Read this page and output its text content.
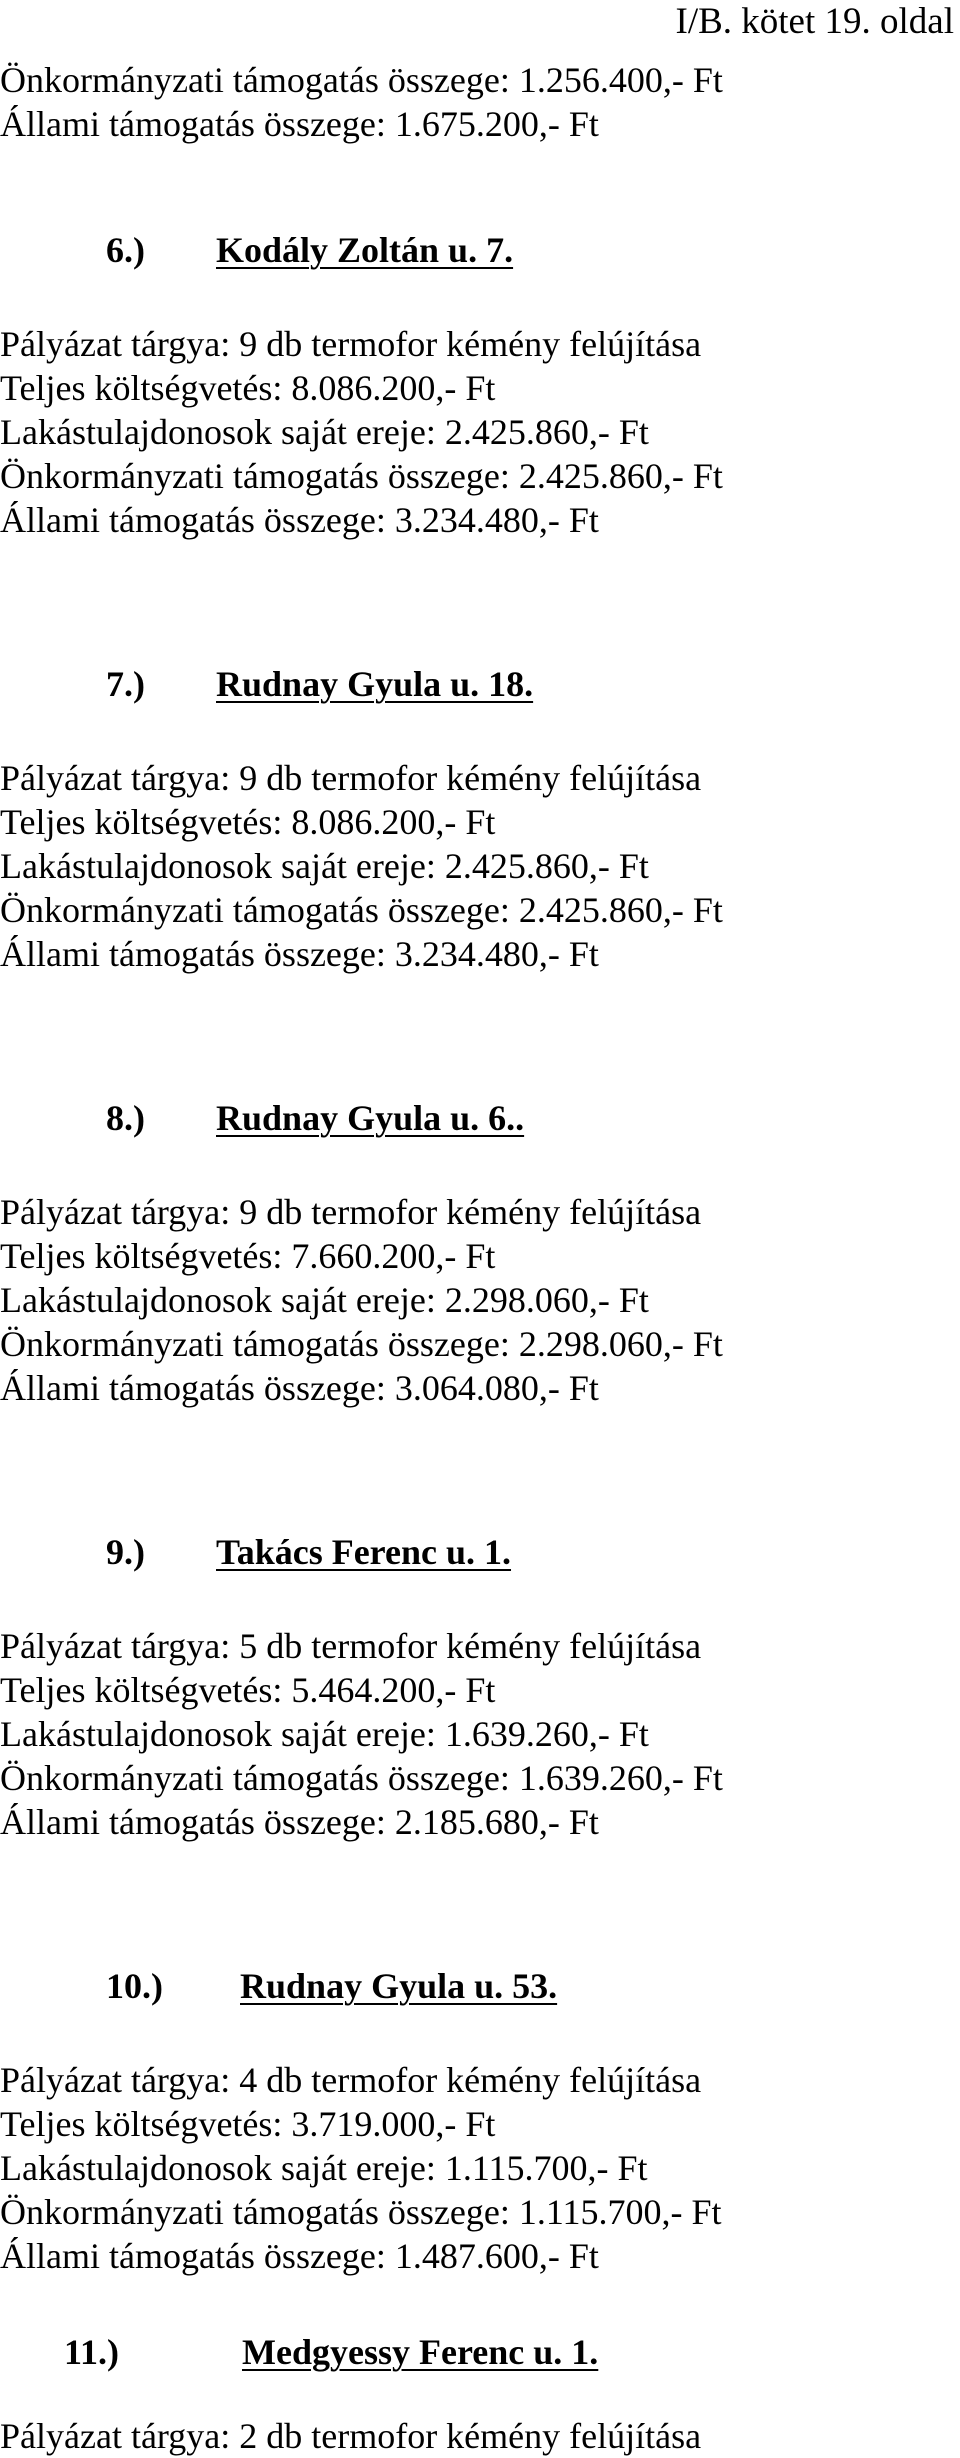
I/B. kötet 19. oldal
Önkormányzati támogatás összege: 1.256.400,- Ft
Állami támogatás összege: 1.675.200,- Ft
6.) Kodály Zoltán u. 7.
Pályázat tárgya: 9 db termofor kémény felújítása
Teljes költségvetés: 8.086.200,- Ft
Lakástulajdonosok saját ereje: 2.425.860,- Ft
Önkormányzati támogatás összege: 2.425.860,- Ft
Állami támogatás összege: 3.234.480,- Ft
7.) Rudnay Gyula u. 18.
Pályázat tárgya: 9 db termofor kémény felújítása
Teljes költségvetés: 8.086.200,- Ft
Lakástulajdonosok saját ereje: 2.425.860,- Ft
Önkormányzati támogatás összege: 2.425.860,- Ft
Állami támogatás összege: 3.234.480,- Ft
8.) Rudnay Gyula u. 6..
Pályázat tárgya: 9 db termofor kémény felújítása
Teljes költségvetés: 7.660.200,- Ft
Lakástulajdonosok saját ereje: 2.298.060,- Ft
Önkormányzati támogatás összege: 2.298.060,- Ft
Állami támogatás összege: 3.064.080,- Ft
9.) Takács Ferenc u. 1.
Pályázat tárgya: 5 db termofor kémény felújítása
Teljes költségvetés: 5.464.200,- Ft
Lakástulajdonosok saját ereje: 1.639.260,- Ft
Önkormányzati támogatás összege: 1.639.260,- Ft
Állami támogatás összege: 2.185.680,- Ft
10.) Rudnay Gyula u. 53.
Pályázat tárgya: 4 db termofor kémény felújítása
Teljes költségvetés: 3.719.000,- Ft
Lakástulajdonosok saját ereje: 1.115.700,- Ft
Önkormányzati támogatás összege: 1.115.700,- Ft
Állami támogatás összege: 1.487.600,- Ft
11.)	Medgyessy Ferenc u. 1.
Pályázat tárgya: 2 db termofor kémény felújítása
